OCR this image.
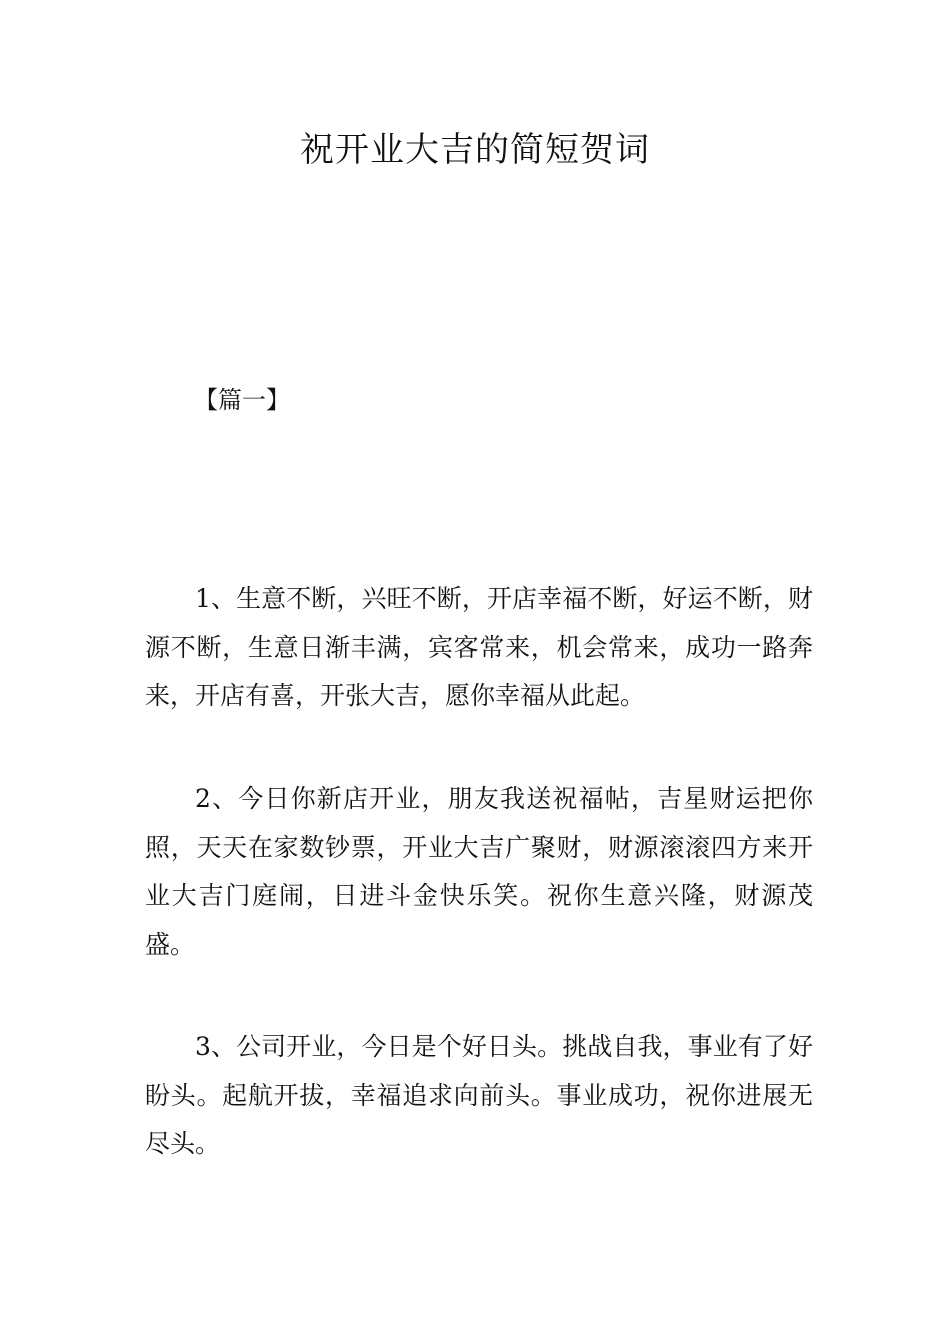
祝开业大吉的简短贺词
【篇一】

1、生意不断，兴旺不断，开店幸福不断，好运不断，财源不断，生意日渐丰满，宾客常来，机会常来，成功一路奔来，开店有喜，开张大吉，愿你幸福从此起。

2、今日你新店开业，朋友我送祝福帖，吉星财运把你照，天天在家数钞票，开业大吉广聚财，财源滚滚四方来开业大吉门庭闹，日进斗金快乐笑。祝你生意兴隆，财源茂盛。

3、公司开业，今日是个好日头。挑战自我，事业有了好盼头。起航开拔，幸福追求向前头。事业成功，祝你进展无尽头。
